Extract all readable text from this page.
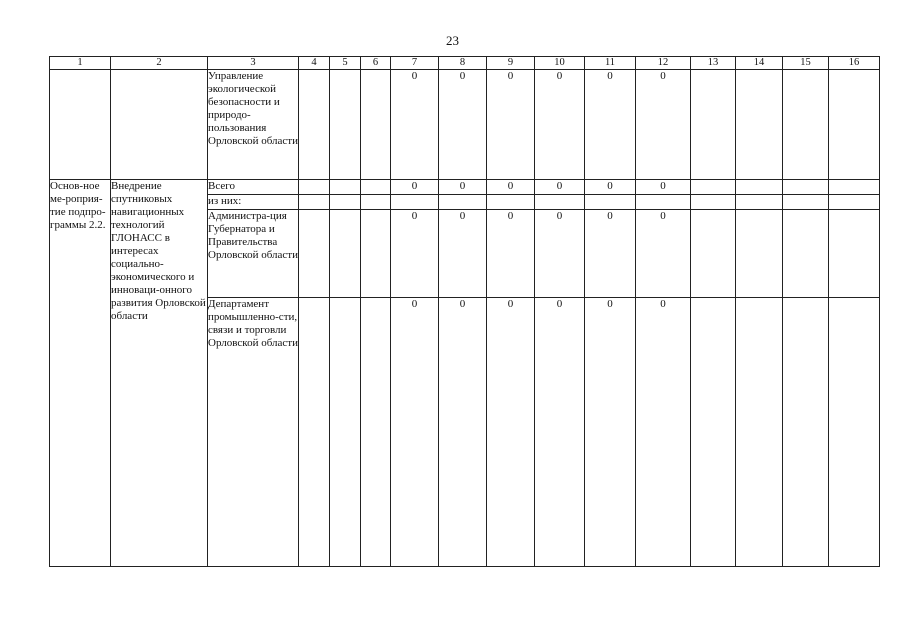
23
1	2	3	4	5	6	7	8	9	10	11	12	13	14	15	16
		Управление экологической безопасности и природо-пользования Орловской области				0	0	0	0	0	0				
Основ-ное ме-роприя-тие подпро-граммы 2.2.	Внедрение спутниковых навигационных технологий ГЛОНАСС в интересах социально-экономического и инноваци-онного развития Орловской области	Всего				0	0	0	0	0	0				
		из них:													
		Администра-ция Губернатора и Правительства Орловской области				0	0	0	0	0	0				
		Департамент промышленно-сти, связи и торговли Орловской области				0	0	0	0	0	0				
